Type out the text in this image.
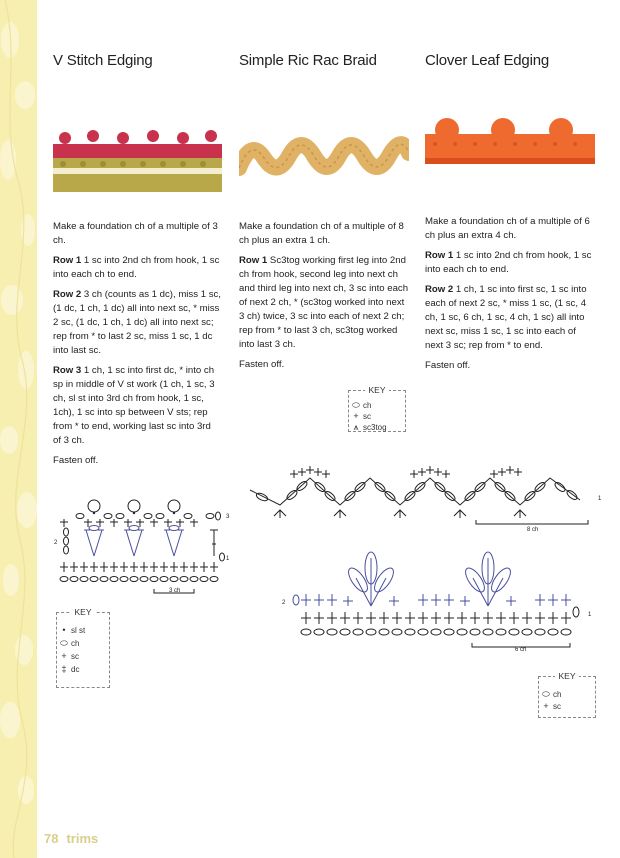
V Stitch Edging

Make a foundation ch of a multiple of 3 ch.

Row 1 1 sc into 2nd ch from hook, 1 sc into each ch to end.

Row 2 3 ch (counts as 1 dc), miss 1 sc, (1 dc, 1 ch, 1 dc) all into next sc, * miss 2 sc, (1 dc, 1 ch, 1 dc) all into next sc; rep from * to last 2 sc, miss 1 sc, 1 dc into last sc.

Row 3 1 ch, 1 sc into first dc, * into ch sp in middle of V st work (1 ch, 1 sc, 3 ch, sl st into 3rd ch from hook, 1 sc, 1ch), 1 sc into sp between V sts; rep from * to end, working last sc into 3rd of 3 ch.

Fasten off.

3
2
1
3 ch
KEY
• sl st
⬭ ch
+ sc
‡ dc
Simple Ric Rac Braid

Make a foundation ch of a multiple of 8 ch plus an extra 1 ch.

Row 1 Sc3tog working first leg into 2nd ch from hook, second leg into next ch and third leg into next ch, 3 sc into each of next 2 ch, * (sc3tog worked into next 3 ch) twice, 3 sc into each of next 2 ch; rep from * to last 3 ch, sc3tog worked into last 3 ch.

Fasten off.

KEY
⬭ ch
+ sc
⩚ sc3tog
1
8 ch
Clover Leaf Edging

Make a foundation ch of a multiple of 6 ch plus an extra 4 ch.

Row 1 1 sc into 2nd ch from hook, 1 sc into each ch to end.

Row 2 1 ch, 1 sc into first sc, 1 sc into each of next 2 sc, * miss 1 sc, (1 sc, 4 ch, 1 sc, 6 ch, 1 sc, 4 ch, 1 sc) all into next sc, miss 1 sc, 1 sc into each of next 3 sc; rep from * to end.

Fasten off.

2
1
6 ch
KEY
⬭ ch
+ sc
78 trims
